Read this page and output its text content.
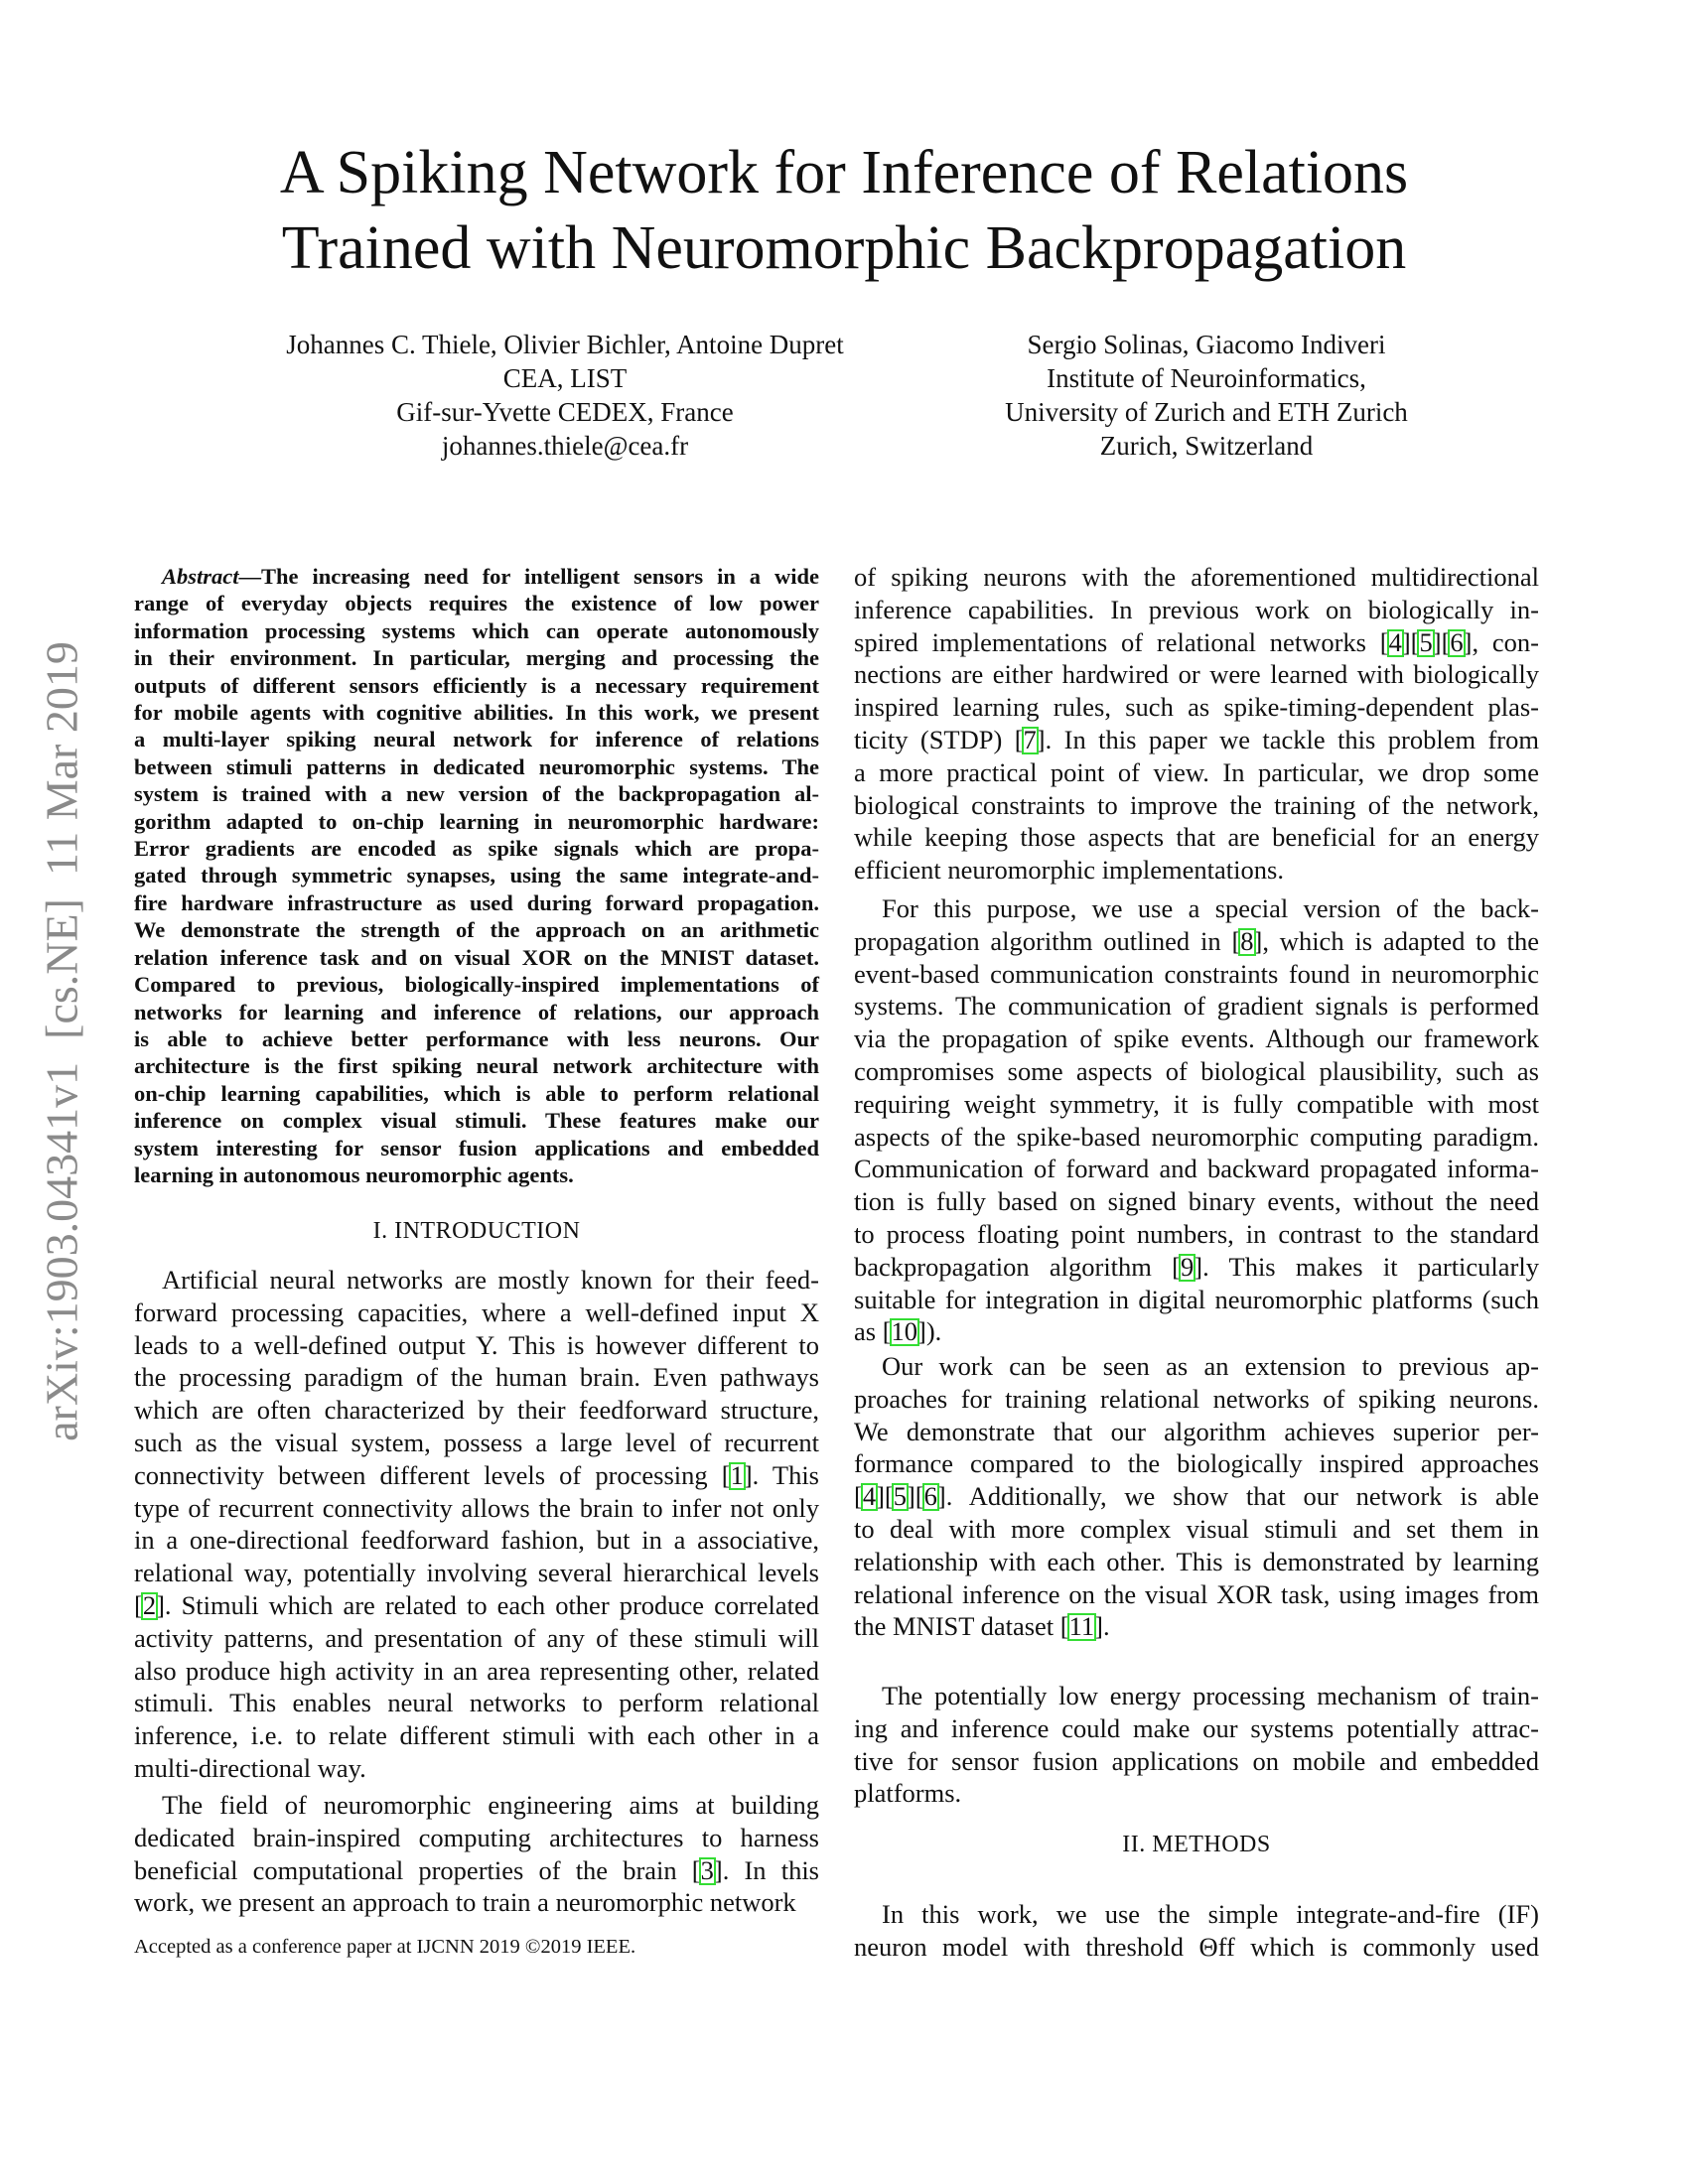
A Spiking Network for Inference of Relations
Trained with Neuromorphic Backpropagation
Johannes C. Thiele, Olivier Bichler, Antoine Dupret
CEA, LIST
Gif-sur-Yvette CEDEX, France
johannes.thiele@cea.fr
Sergio Solinas, Giacomo Indiveri
Institute of Neuroinformatics,
University of Zurich and ETH Zurich
Zurich, Switzerland
arXiv:1903.04341v1  [cs.NE]  11 Mar 2019
Abstract—The increasing need for intelligent sensors in a wide
range of everyday objects requires the existence of low power
information processing systems which can operate autonomously
in their environment. In particular, merging and processing the
outputs of different sensors efficiently is a necessary requirement
for mobile agents with cognitive abilities. In this work, we present
a multi-layer spiking neural network for inference of relations
between stimuli patterns in dedicated neuromorphic systems. The
system is trained with a new version of the backpropagation al-
gorithm adapted to on-chip learning in neuromorphic hardware:
Error gradients are encoded as spike signals which are propa-
gated through symmetric synapses, using the same integrate-and-
fire hardware infrastructure as used during forward propagation.
We demonstrate the strength of the approach on an arithmetic
relation inference task and on visual XOR on the MNIST dataset.
Compared to previous, biologically-inspired implementations of
networks for learning and inference of relations, our approach
is able to achieve better performance with less neurons. Our
architecture is the first spiking neural network architecture with
on-chip learning capabilities, which is able to perform relational
inference on complex visual stimuli. These features make our
system interesting for sensor fusion applications and embedded
learning in autonomous neuromorphic agents.
I. INTRODUCTION
Artificial neural networks are mostly known for their feed-
forward processing capacities, where a well-defined input X
leads to a well-defined output Y. This is however different to
the processing paradigm of the human brain. Even pathways
which are often characterized by their feedforward structure,
such as the visual system, possess a large level of recurrent
connectivity between different levels of processing [1]. This
type of recurrent connectivity allows the brain to infer not only
in a one-directional feedforward fashion, but in a associative,
relational way, potentially involving several hierarchical levels
[2]. Stimuli which are related to each other produce correlated
activity patterns, and presentation of any of these stimuli will
also produce high activity in an area representing other, related
stimuli. This enables neural networks to perform relational
inference, i.e. to relate different stimuli with each other in a
multi-directional way.
The field of neuromorphic engineering aims at building
dedicated brain-inspired computing architectures to harness
beneficial computational properties of the brain [3]. In this
work, we present an approach to train a neuromorphic network
Accepted as a conference paper at IJCNN 2019 ©2019 IEEE.
of spiking neurons with the aforementioned multidirectional
inference capabilities. In previous work on biologically in-
spired implementations of relational networks [4][5][6], con-
nections are either hardwired or were learned with biologically
inspired learning rules, such as spike-timing-dependent plas-
ticity (STDP) [7]. In this paper we tackle this problem from
a more practical point of view. In particular, we drop some
biological constraints to improve the training of the network,
while keeping those aspects that are beneficial for an energy
efficient neuromorphic implementations.
For this purpose, we use a special version of the back-
propagation algorithm outlined in [8], which is adapted to the
event-based communication constraints found in neuromorphic
systems. The communication of gradient signals is performed
via the propagation of spike events. Although our framework
compromises some aspects of biological plausibility, such as
requiring weight symmetry, it is fully compatible with most
aspects of the spike-based neuromorphic computing paradigm.
Communication of forward and backward propagated informa-
tion is fully based on signed binary events, without the need
to process floating point numbers, in contrast to the standard
backpropagation algorithm [9]. This makes it particularly
suitable for integration in digital neuromorphic platforms (such
as [10]).
Our work can be seen as an extension to previous ap-
proaches for training relational networks of spiking neurons.
We demonstrate that our algorithm achieves superior per-
formance compared to the biologically inspired approaches
[4][5][6]. Additionally, we show that our network is able
to deal with more complex visual stimuli and set them in
relationship with each other. This is demonstrated by learning
relational inference on the visual XOR task, using images from
the MNIST dataset [11].
The potentially low energy processing mechanism of train-
ing and inference could make our systems potentially attrac-
tive for sensor fusion applications on mobile and embedded
platforms.
II. METHODS
In this work, we use the simple integrate-and-fire (IF)
neuron model with threshold Θff which is commonly used
